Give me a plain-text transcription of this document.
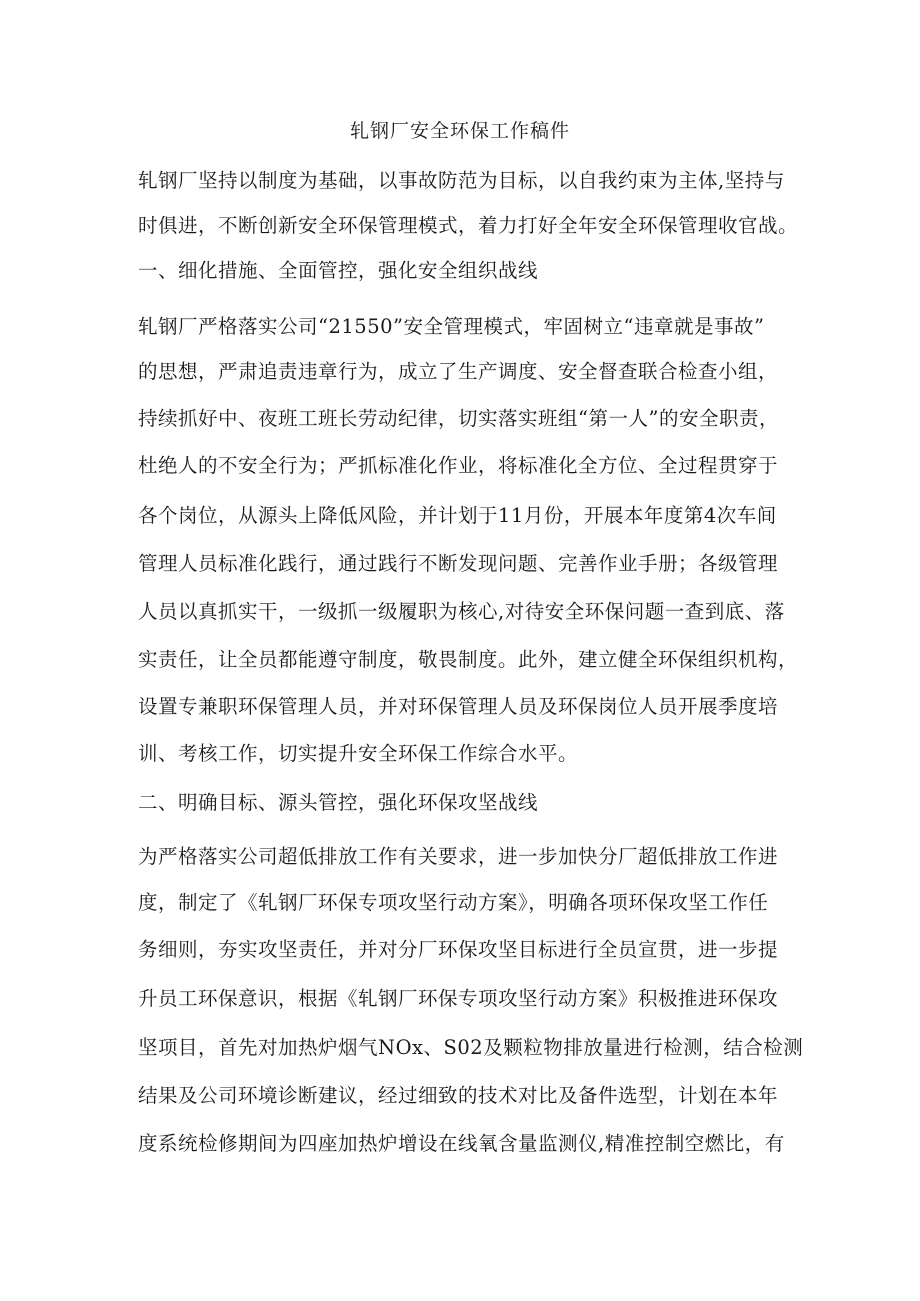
轧钢厂安全环保工作稿件
轧钢厂坚持以制度为基础，以事故防范为目标，以自我约束为主体,坚持与
时俱进，不断创新安全环保管理模式，着力打好全年安全环保管理收官战。
一、细化措施、全面管控，强化安全组织战线
轧钢厂严格落实公司“21550”安全管理模式，牢固树立“违章就是事故”
的思想，严肃追责违章行为，成立了生产调度、安全督查联合检查小组，
持续抓好中、夜班工班长劳动纪律，切实落实班组“第一人”的安全职责，
杜绝人的不安全行为；严抓标准化作业，将标准化全方位、全过程贯穿于
各个岗位，从源头上降低风险，并计划于11月份，开展本年度第4次车间
管理人员标准化践行，通过践行不断发现问题、完善作业手册；各级管理
人员以真抓实干，一级抓一级履职为核心,对待安全环保问题一查到底、落
实责任，让全员都能遵守制度，敬畏制度。此外，建立健全环保组织机构，
设置专兼职环保管理人员，并对环保管理人员及环保岗位人员开展季度培
训、考核工作，切实提升安全环保工作综合水平。
二、明确目标、源头管控，强化环保攻坚战线
为严格落实公司超低排放工作有关要求，进一步加快分厂超低排放工作进
度，制定了《轧钢厂环保专项攻坚行动方案》，明确各项环保攻坚工作任
务细则，夯实攻坚责任，并对分厂环保攻坚目标进行全员宣贯，进一步提
升员工环保意识，根据《轧钢厂环保专项攻坚行动方案》积极推进环保攻
坚项目，首先对加热炉烟气NOx、S02及颗粒物排放量进行检测，结合检测
结果及公司环境诊断建议，经过细致的技术对比及备件选型，计划在本年
度系统检修期间为四座加热炉增设在线氧含量监测仪,精准控制空燃比，有
